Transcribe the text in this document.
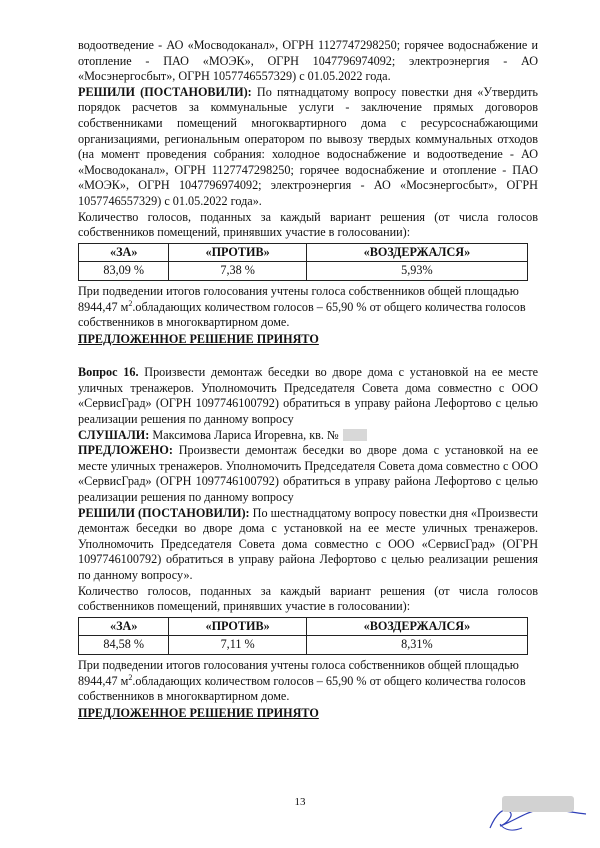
водоотведение - АО «Мосводоканал», ОГРН 1127747298250; горячее водоснабжение и отопление - ПАО «МОЭК», ОГРН 1047796974092; электроэнергия - АО «Мосэнергосбыт», ОГРН 1057746557329) с 01.05.2022 года.

РЕШИЛИ (ПОСТАНОВИЛИ): По пятнадцатому вопросу повестки дня «Утвердить порядок расчетов за коммунальные услуги - заключение прямых договоров собственниками помещений многоквартирного дома с ресурсоснабжающими организациями, региональным оператором по вывозу твердых коммунальных отходов (на момент проведения собрания: холодное водоснабжение и водоотведение - АО «Мосводоканал», ОГРН 1127747298250; горячее водоснабжение и отопление - ПАО «МОЭК», ОГРН 1047796974092; электроэнергия - АО «Мосэнергосбыт», ОГРН 1057746557329) с 01.05.2022 года».

Количество голосов, поданных за каждый вариант решения (от числа голосов собственников помещений, принявших участие в голосовании):

«ЗА»	«ПРОТИВ»	«ВОЗДЕРЖАЛСЯ»
83,09 %	7,38 %	5,93%

При подведении итогов голосования учтены голоса собственников общей площадью 8944,47 $м^2.обладающих$ количеством голосов – 65,90 % от общего количества голосов собственников в многоквартирном доме.

ПРЕДЛОЖЕННОЕ РЕШЕНИЕ ПРИНЯТО

Вопрос 16. Произвести демонтаж беседки во дворе дома с установкой на ее месте уличных тренажеров. Уполномочить Председателя Совета дома совместно с ООО «СервисГрад» (ОГРН 1097746100792) обратиться в управу района Лефортово с целью реализации решения по данному вопросу

СЛУШАЛИ: Максимова Лариса Игоревна, кв. №

ПРЕДЛОЖЕНО: Произвести демонтаж беседки во дворе дома с установкой на ее месте уличных тренажеров. Уполномочить Председателя Совета дома совместно с ООО «СервисГрад» (ОГРН 1097746100792) обратиться в управу района Лефортово с целью реализации решения по данному вопросу

РЕШИЛИ (ПОСТАНОВИЛИ): По шестнадцатому вопросу повестки дня «Произвести демонтаж беседки во дворе дома с установкой на ее месте уличных тренажеров. Уполномочить Председателя Совета дома совместно с ООО «СервисГрад» (ОГРН 1097746100792) обратиться в управу района Лефортово с целью реализации решения по данному вопросу».

Количество голосов, поданных за каждый вариант решения (от числа голосов собственников помещений, принявших участие в голосовании):

«ЗА»	«ПРОТИВ»	«ВОЗДЕРЖАЛСЯ»
84,58 %	7,11 %	8,31%

При подведении итогов голосования учтены голоса собственников общей площадью 8944,47 $м^2.обладающих$ количеством голосов – 65,90 % от общего количества голосов собственников в многоквартирном доме.

ПРЕДЛОЖЕННОЕ РЕШЕНИЕ ПРИНЯТО

13
